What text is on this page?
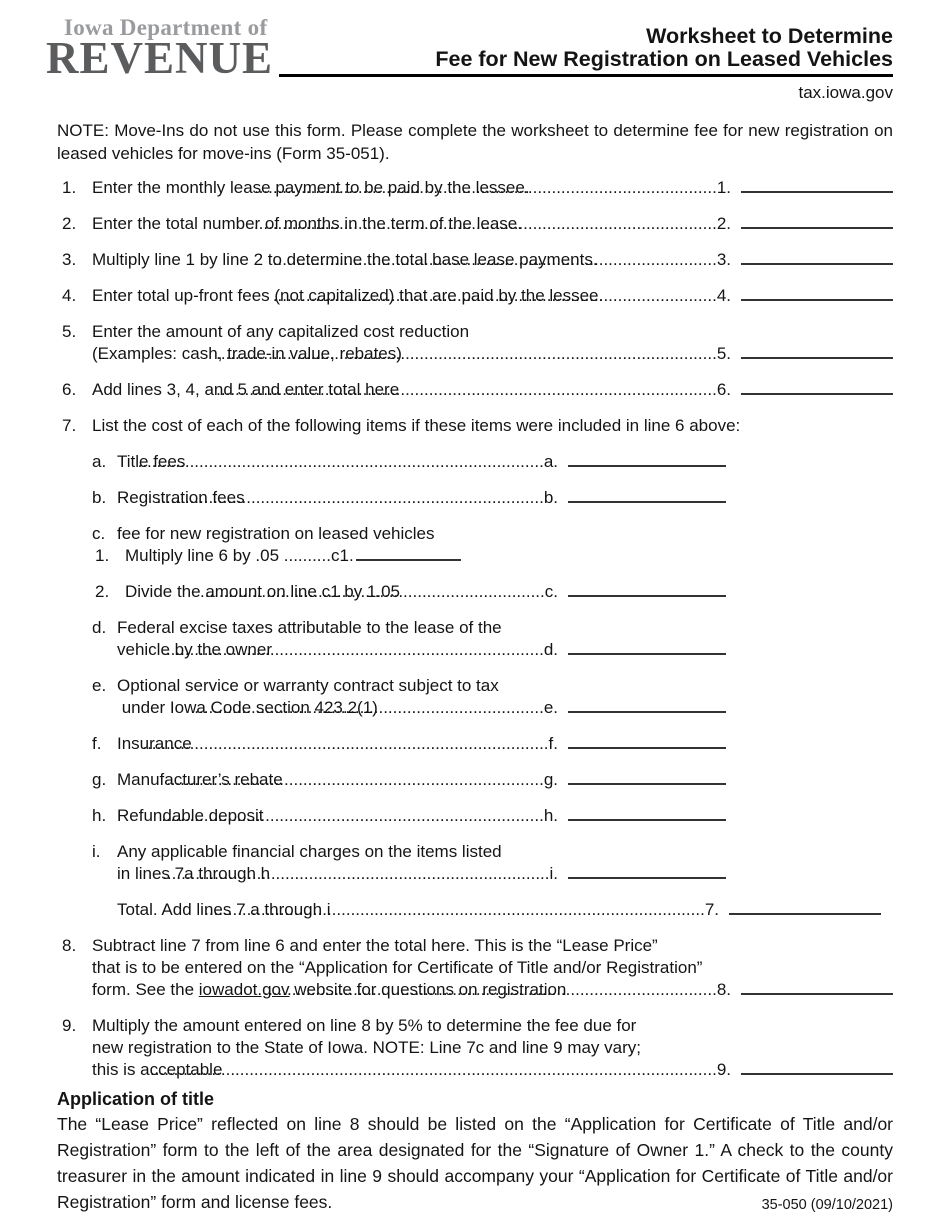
Iowa Department of
REVENUE	Worksheet to Determine
Fee for New Registration on Leased Vehicles
tax.iowa.gov
NOTE: Move-Ins do not use this form. Please complete the worksheet to determine fee for new registration on leased vehicles for move-ins (Form 35-051).
1. Enter the monthly lease payment to be paid by the lessee. .....	1.
2. Enter the total number of months in the term of the lease. .....	2.
3. Multiply line 1 by line 2 to determine the total base lease payments. .....	3.
4. Enter total up-front fees (not capitalized) that are paid by the lessee. .....	4.
5. Enter the amount of any capitalized cost reduction
(Examples: cash, trade-in value, rebates) .....	5.
6. Add lines 3, 4, and 5 and enter total here .....	6.
7. List the cost of each of the following items if these items were included in line 6 above:
a. Title fees .....	a.
b. Registration fees .....	b.
c. fee for new registration on leased vehicles
1. Multiply line 6 by .05 .......... c1.
2. Divide the amount on line c1 by 1.05 .....	c.
d. Federal excise taxes attributable to the lease of the
vehicle by the owner .....	d.
e. Optional service or warranty contract subject to tax
under Iowa Code section 423.2(1) .....	e.
f. Insurance .....	f.
g. Manufacturer’s rebate .....	g.
h. Refundable deposit .....	h.
i. Any applicable financial charges on the items listed
in lines 7a through h .....	i.
Total. Add lines 7 a through i .....	7.
8. Subtract line 7 from line 6 and enter the total here. This is the “Lease Price”
that is to be entered on the “Application for Certificate of Title and/or Registration”
form. See the iowadot.gov website for questions on registration .....	8.
9. Multiply the amount entered on line 8 by 5% to determine the fee due for
new registration to the State of Iowa. NOTE: Line 7c and line 9 may vary;
this is acceptable .....	9.
Application of title
The “Lease Price” reflected on line 8 should be listed on the “Application for Certificate of Title and/or Registration” form to the left of the area designated for the “Signature of Owner 1.” A check to the county treasurer in the amount indicated in line 9 should accompany your “Application for Certificate of Title and/or Registration” form and license fees.	35-050 (09/10/2021)
